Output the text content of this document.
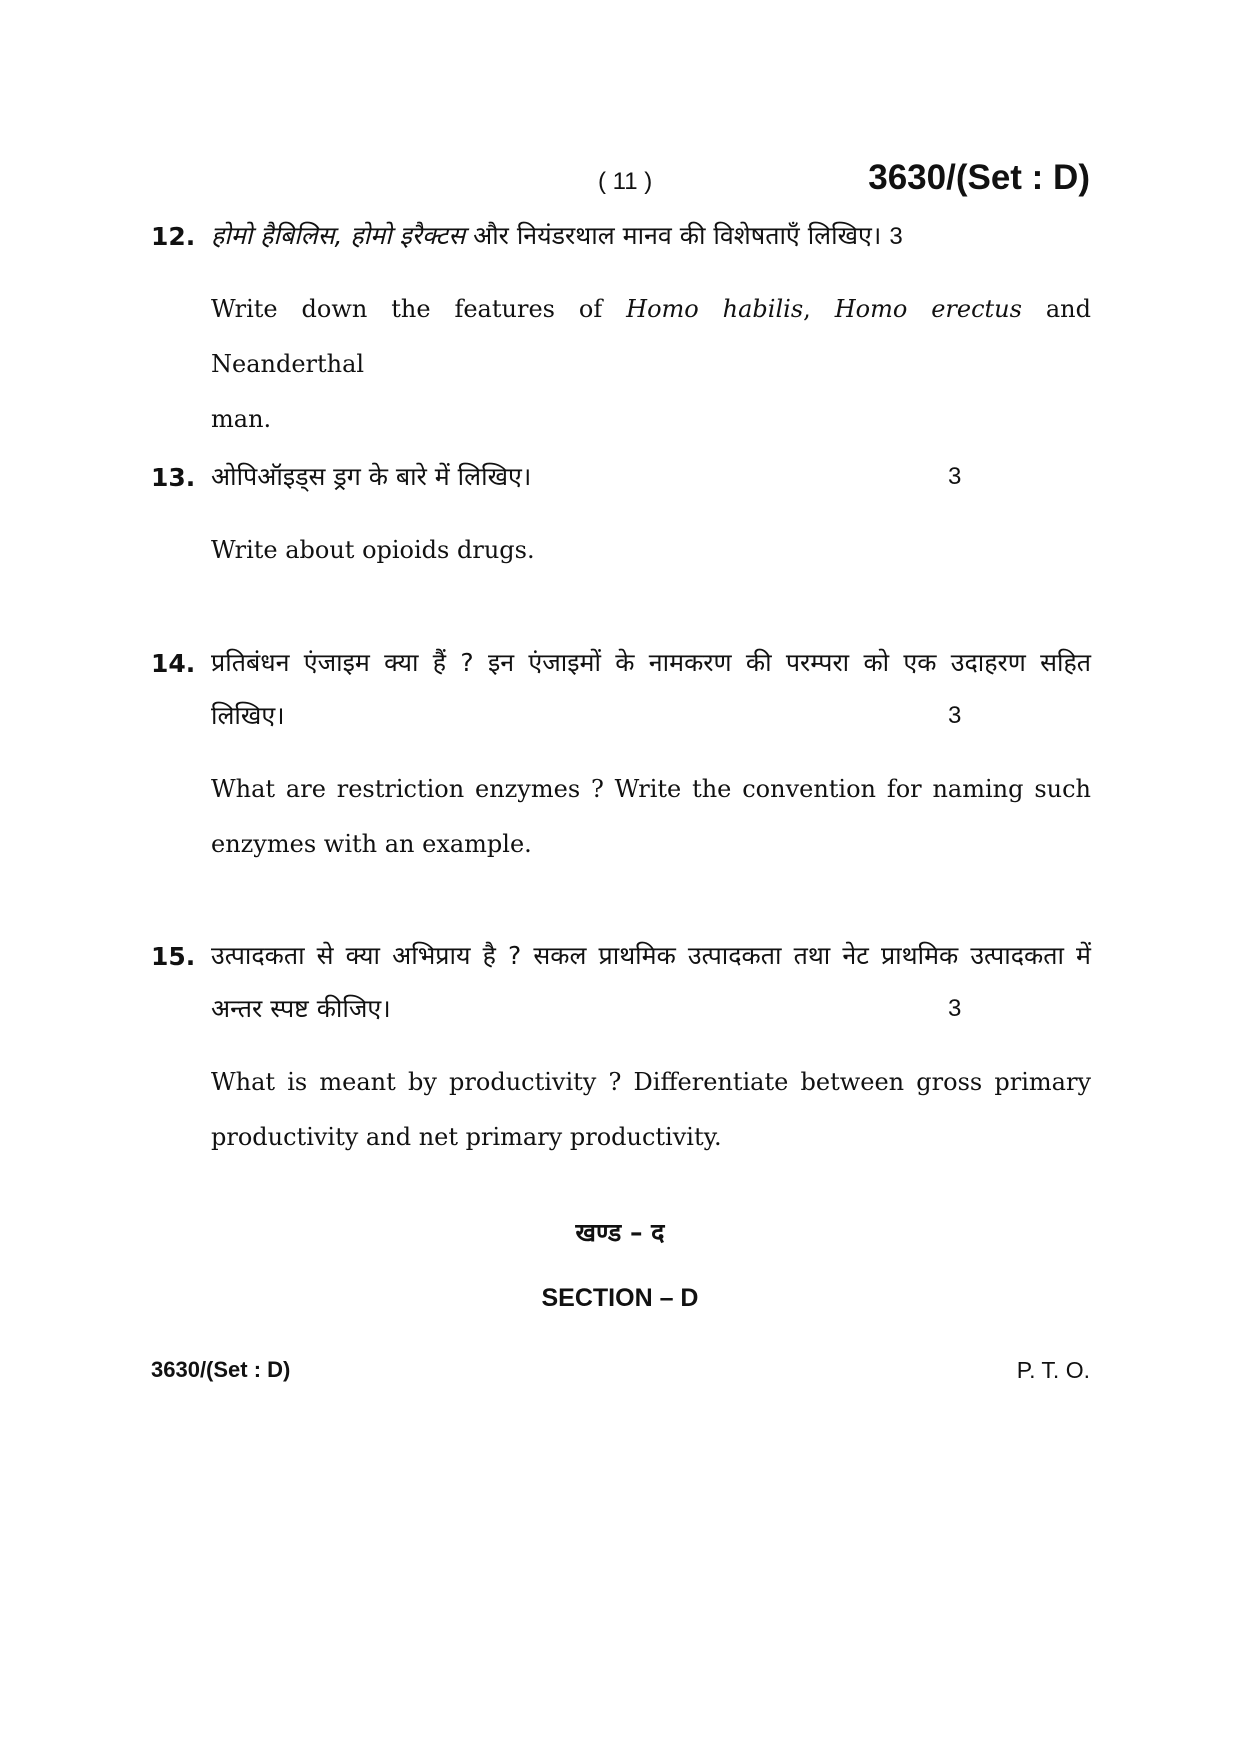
( 11 )	3630/(Set : D)
12. होमो हैबिलिस, होमो इरैक्टस और नियंडरथाल मानव की विशेषताएँ लिखिए। 3
Write down the features of Homo habilis, Homo erectus and Neanderthal
man.
13. ओपिऑइड्स ड्रग के बारे में लिखिए।	3
Write about opioids drugs.
14. प्रतिबंधन एंजाइम क्या हैं ? इन एंजाइमों के नामकरण की परम्परा को एक उदाहरण सहित
लिखिए।	3
What are restriction enzymes ? Write the convention for naming such
enzymes with an example.
15. उत्पादकता से क्या अभिप्राय है ? सकल प्राथमिक उत्पादकता तथा नेट प्राथमिक उत्पादकता में
अन्तर स्पष्ट कीजिए।	3
What is meant by productivity ? Differentiate between gross primary
productivity and net primary productivity.
खण्ड – द
SECTION – D
3630/(Set : D)	P. T. O.
